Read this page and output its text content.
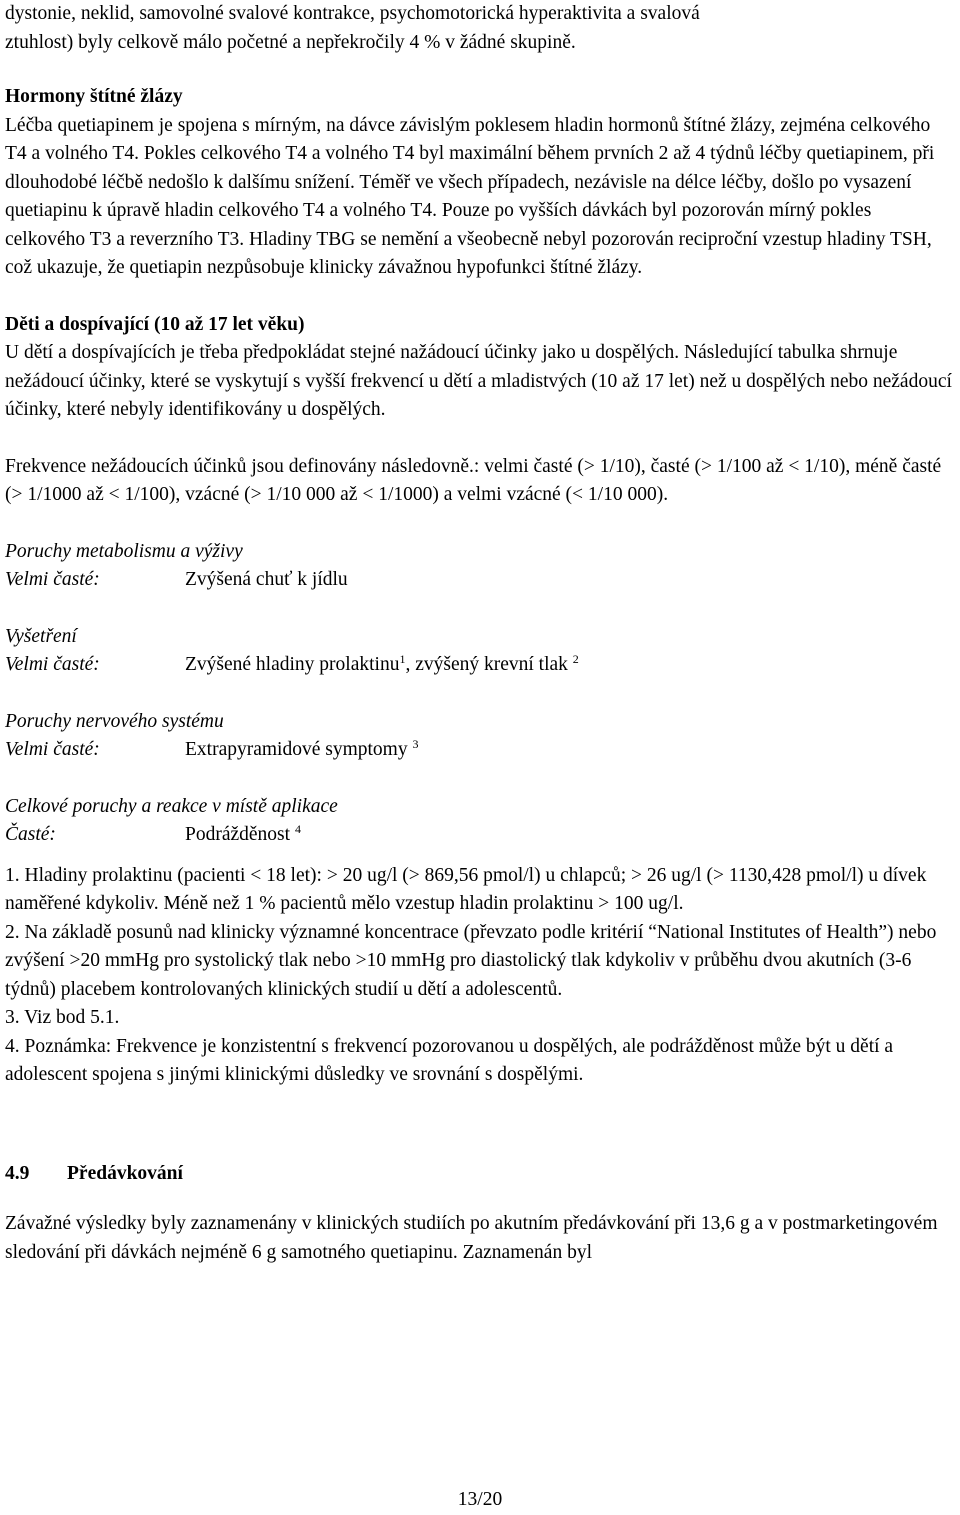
dystonie, neklid, samovolné svalové kontrakce, psychomotorická hyperaktivita a svalová

ztuhlost) byly celkově málo početné a nepřekročily 4 % v žádné skupině.

Hormony štítné žlázy

Léčba quetiapinem je spojena s mírným, na dávce závislým poklesem hladin hormonů štítné žlázy, zejména celkového T4 a volného T4. Pokles celkového T4 a volného T4 byl maximální během prvních 2 až 4 týdnů léčby quetiapinem, při dlouhodobé léčbě nedošlo k dalšímu snížení. Téměř ve všech případech, nezávisle na délce léčby, došlo po vysazení quetiapinu k úpravě hladin celkového T4 a volného T4. Pouze po vyšších dávkách byl pozorován mírný pokles celkového T3 a reverzního T3. Hladiny TBG se nemění a všeobecně nebyl pozorován reciproční vzestup hladiny TSH, což ukazuje, že quetiapin nezpůsobuje klinicky závažnou hypofunkci štítné žlázy.

Děti a dospívající (10 až 17 let věku)

U dětí a dospívajících je třeba předpokládat stejné nažádoucí účinky jako u dospělých. Následující tabulka shrnuje nežádoucí účinky, které se vyskytují s vyšší frekvencí u dětí a mladistvých (10 až 17 let) než u dospělých nebo nežádoucí účinky, které nebyly identifikovány u dospělých.

Frekvence nežádoucích účinků jsou definovány následovně.: velmi časté (> 1/10), časté (> 1/100 až < 1/10), méně časté (> 1/1000 až < 1/100), vzácné (> 1/10 000 až < 1/1000) a velmi vzácné (< 1/10 000).

Poruchy metabolismu a výživy

Velmi časté:	Zvýšená chuť k jídlu

Vyšetření

Velmi časté:	Zvýšené hladiny prolaktinu$^1$, zvýšený krevní tlak $^2$

Poruchy nervového systému

Velmi časté:	Extrapyramidové symptomy $^3$

Celkové poruchy a reakce v místě aplikace

Časté:	Podrážděnost $^4$

1. Hladiny prolaktinu (pacienti < 18 let): > 20 ug/l (> 869,56 pmol/l) u chlapců; > 26 ug/l (> 1130,428 pmol/l) u dívek naměřené kdykoliv. Méně než 1 % pacientů mělo vzestup hladin prolaktinu > 100 ug/l.

2. Na základě posunů nad klinicky významné koncentrace (převzato podle kritérií “National Institutes of Health”) nebo zvýšení >20 mmHg pro systolický tlak nebo >10 mmHg pro diastolický tlak kdykoliv v průběhu dvou akutních (3-6 týdnů) placebem kontrolovaných klinických studií u dětí a adolescentů.

3. Viz bod 5.1.

4. Poznámka: Frekvence je konzistentní s frekvencí pozorovanou u dospělých, ale podrážděnost může být u dětí a adolescent spojena s jinými klinickými důsledky ve srovnání s dospělými.

4.9	Předávkování

Závažné výsledky byly zaznamenány v klinických studiích po akutním předávkování při 13,6 g a v postmarketingovém sledování při dávkách nejméně 6 g samotného quetiapinu. Zaznamenán byl

13/20
